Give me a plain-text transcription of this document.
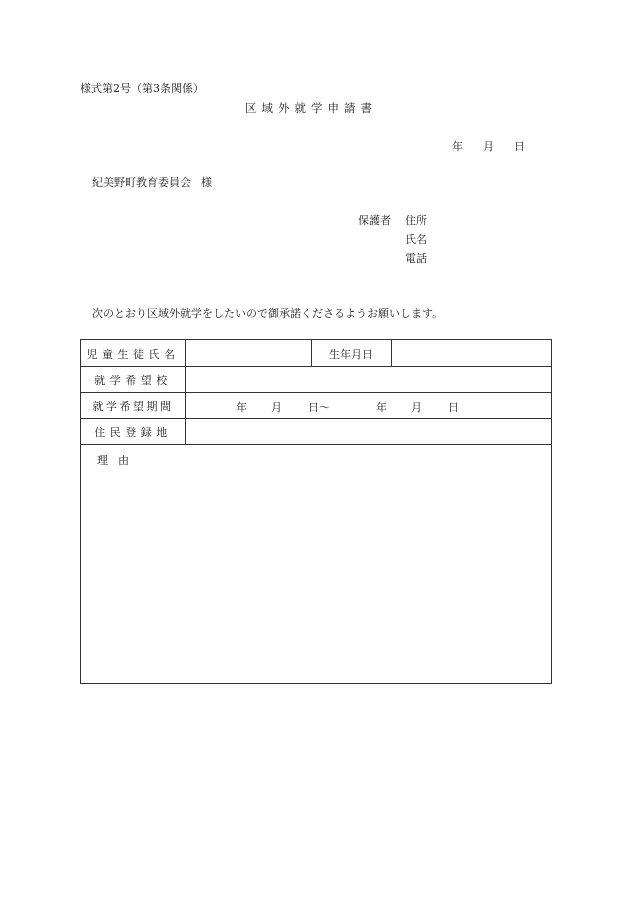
様式第2号（第3条関係）
区域外就学申請書
年 月 日
紀美野町教育委員会 様
保護者 住所
氏名
電話
次のとおり区域外就学をしたいので御承諾くださるようお願いします。
児童生徒氏名	生年月日
就学希望校
就学希望期間
住民登録地
年 月 日～	年 月 日
理由
